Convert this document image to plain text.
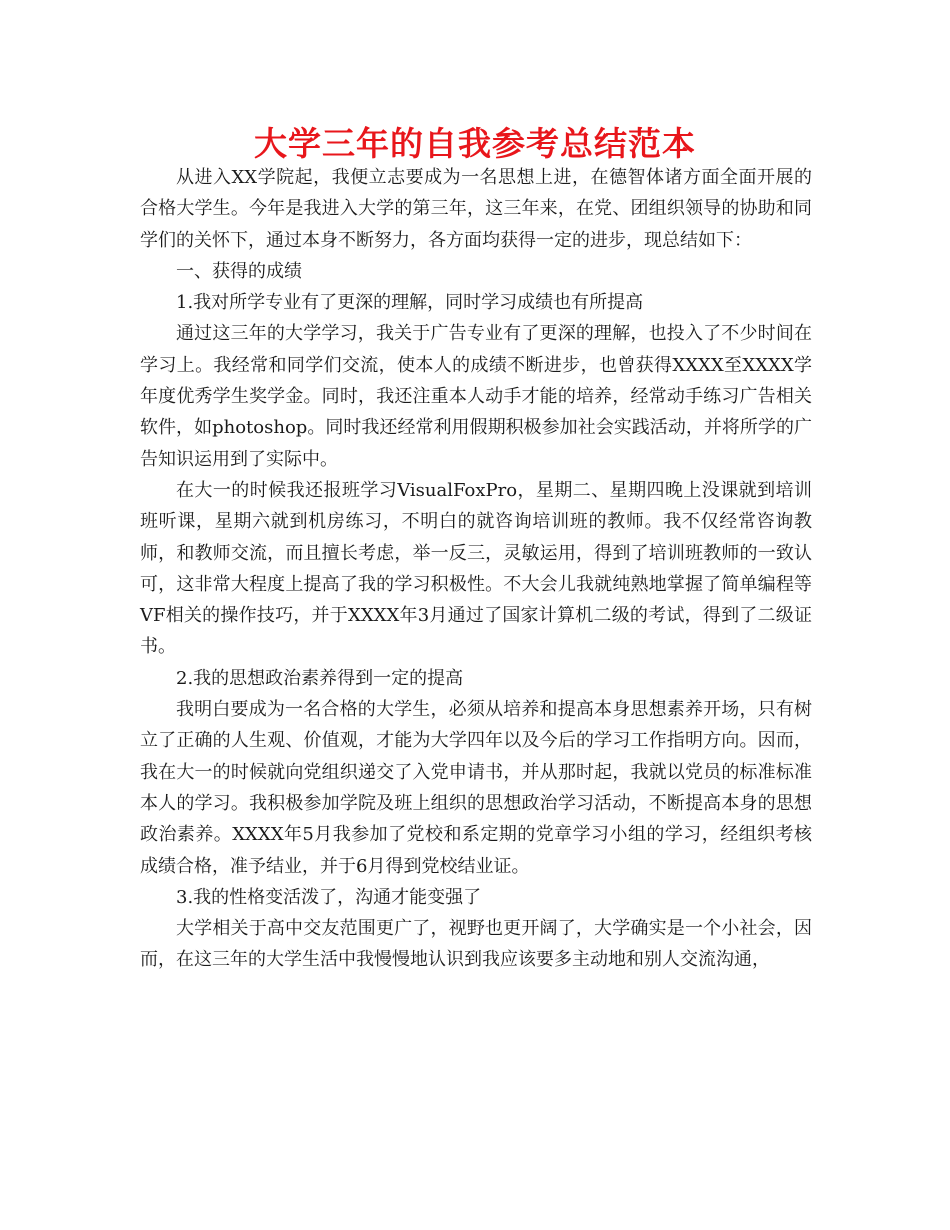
大学三年的自我参考总结范本

从进入XX学院起，我便立志要成为一名思想上进，在德智体诸方面全面开展的合格大学生。今年是我进入大学的第三年，这三年来，在党、团组织领导的协助和同学们的关怀下，通过本身不断努力，各方面均获得一定的进步，现总结如下：

一、获得的成绩

1.我对所学专业有了更深的理解，同时学习成绩也有所提高

通过这三年的大学学习，我关于广告专业有了更深的理解，也投入了不少时间在学习上。我经常和同学们交流，使本人的成绩不断进步，也曾获得XXXX至XXXX学年度优秀学生奖学金。同时，我还注重本人动手才能的培养，经常动手练习广告相关软件，如photoshop。同时我还经常利用假期积极参加社会实践活动，并将所学的广告知识运用到了实际中。

在大一的时候我还报班学习VisualFoxPro，星期二、星期四晚上没课就到培训班听课，星期六就到机房练习，不明白的就咨询培训班的教师。我不仅经常咨询教师，和教师交流，而且擅长考虑，举一反三，灵敏运用，得到了培训班教师的一致认可，这非常大程度上提高了我的学习积极性。不大会儿我就纯熟地掌握了简单编程等VF相关的操作技巧，并于XXXX年3月通过了国家计算机二级的考试，得到了二级证书。

2.我的思想政治素养得到一定的提高

我明白要成为一名合格的大学生，必须从培养和提高本身思想素养开场，只有树立了正确的人生观、价值观，才能为大学四年以及今后的学习工作指明方向。因而，我在大一的时候就向党组织递交了入党申请书，并从那时起，我就以党员的标准标准本人的学习。我积极参加学院及班上组织的思想政治学习活动，不断提高本身的思想政治素养。XXXX年5月我参加了党校和系定期的党章学习小组的学习，经组织考核成绩合格，准予结业，并于6月得到党校结业证。

3.我的性格变活泼了，沟通才能变强了

大学相关于高中交友范围更广了，视野也更开阔了，大学确实是一个小社会，因而，在这三年的大学生活中我慢慢地认识到我应该要多主动地和别人交流沟通，
